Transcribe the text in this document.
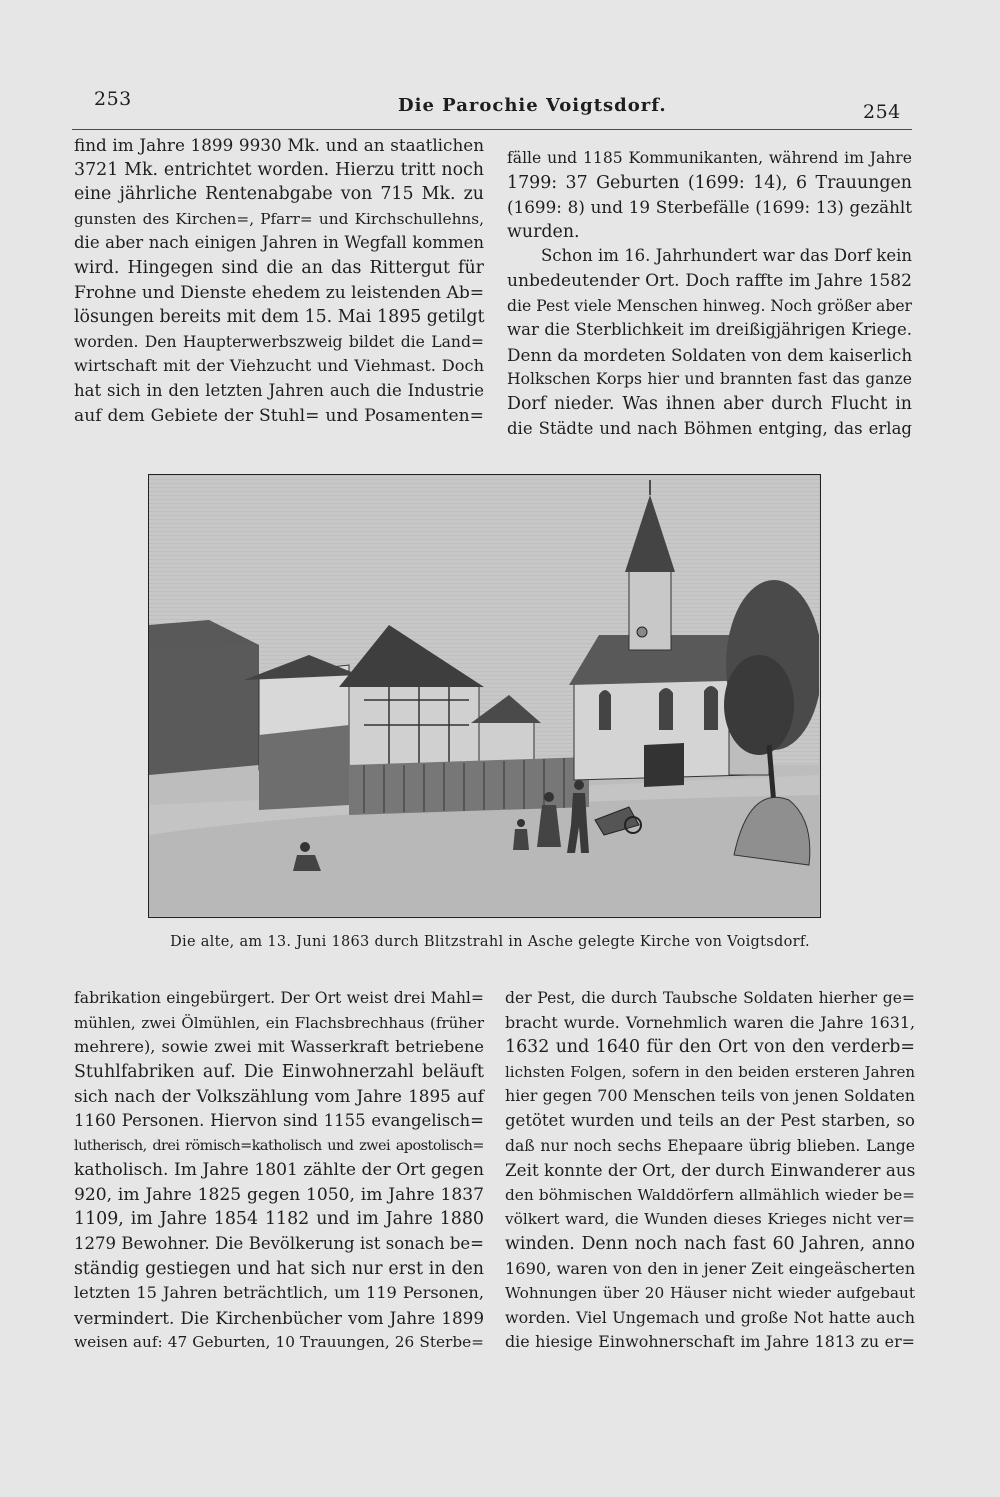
253	Die Parochie Voigtsdorf.	254

find im Jahre 1899 9930 Mk. und an staatlichen

3721 Mk. entrichtet worden. Hierzu tritt noch

eine jährliche Rentenabgabe von 715 Mk. zu

gunsten des Kirchen=, Pfarr= und Kirchschullehns,

die aber nach einigen Jahren in Wegfall kommen

wird. Hingegen sind die an das Rittergut für

Frohne und Dienste ehedem zu leistenden Ab=

lösungen bereits mit dem 15. Mai 1895 getilgt

worden. Den Haupterwerbszweig bildet die Land=

wirtschaft mit der Viehzucht und Viehmast. Doch

hat sich in den letzten Jahren auch die Industrie

auf dem Gebiete der Stuhl= und Posamenten=

fälle und 1185 Kommunikanten, während im Jahre

1799: 37 Geburten (1699: 14), 6 Trauungen

(1699: 8) und 19 Sterbefälle (1699: 13) gezählt

wurden.

Schon im 16. Jahrhundert war das Dorf kein

unbedeutender Ort. Doch raffte im Jahre 1582

die Pest viele Menschen hinweg. Noch größer aber

war die Sterblichkeit im dreißigjährigen Kriege.

Denn da mordeten Soldaten von dem kaiserlich

Holkschen Korps hier und brannten fast das ganze

Dorf nieder. Was ihnen aber durch Flucht in

die Städte und nach Böhmen entging, das erlag

Die alte, am 13. Juni 1863 durch Blitzstrahl in Asche gelegte Kirche von Voigtsdorf.

fabrikation eingebürgert. Der Ort weist drei Mahl=

mühlen, zwei Ölmühlen, ein Flachsbrechhaus (früher

mehrere), sowie zwei mit Wasserkraft betriebene

Stuhlfabriken auf. Die Einwohnerzahl beläuft

sich nach der Volkszählung vom Jahre 1895 auf

1160 Personen. Hiervon sind 1155 evangelisch=

lutherisch, drei römisch=katholisch und zwei apostolisch=

katholisch. Im Jahre 1801 zählte der Ort gegen

920, im Jahre 1825 gegen 1050, im Jahre 1837

1109, im Jahre 1854 1182 und im Jahre 1880

1279 Bewohner. Die Bevölkerung ist sonach be=

ständig gestiegen und hat sich nur erst in den

letzten 15 Jahren beträchtlich, um 119 Personen,

vermindert. Die Kirchenbücher vom Jahre 1899

weisen auf: 47 Geburten, 10 Trauungen, 26 Sterbe=

der Pest, die durch Taubsche Soldaten hierher ge=

bracht wurde. Vornehmlich waren die Jahre 1631,

1632 und 1640 für den Ort von den verderb=

lichsten Folgen, sofern in den beiden ersteren Jahren

hier gegen 700 Menschen teils von jenen Soldaten

getötet wurden und teils an der Pest starben, so

daß nur noch sechs Ehepaare übrig blieben. Lange

Zeit konnte der Ort, der durch Einwanderer aus

den böhmischen Walddörfern allmählich wieder be=

völkert ward, die Wunden dieses Krieges nicht ver=

winden. Denn noch nach fast 60 Jahren, anno

1690, waren von den in jener Zeit eingeäscherten

Wohnungen über 20 Häuser nicht wieder aufgebaut

worden. Viel Ungemach und große Not hatte auch

die hiesige Einwohnerschaft im Jahre 1813 zu er=
